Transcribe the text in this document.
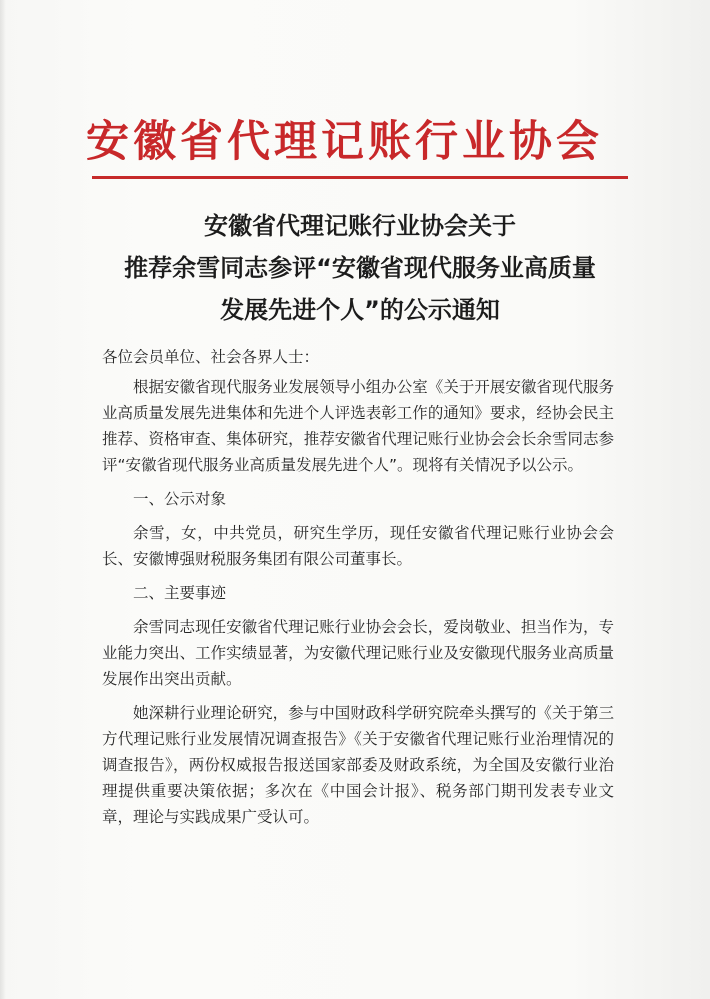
安徽省代理记账行业协会
安徽省代理记账行业协会关于
推荐余雪同志参评“安徽省现代服务业高质量
发展先进个人”的公示通知

各位会员单位、社会各界人士：

根据安徽省现代服务业发展领导小组办公室《关于开展安徽省现代服务业高质量发展先进集体和先进个人评选表彰工作的通知》要求，经协会民主推荐、资格审查、集体研究，推荐安徽省代理记账行业协会会长余雪同志参评“安徽省现代服务业高质量发展先进个人”。现将有关情况予以公示。

一、公示对象

余雪，女，中共党员，研究生学历，现任安徽省代理记账行业协会会长、安徽博强财税服务集团有限公司董事长。

二、主要事迹

余雪同志现任安徽省代理记账行业协会会长，爱岗敬业、担当作为，专业能力突出、工作实绩显著，为安徽代理记账行业及安徽现代服务业高质量发展作出突出贡献。

她深耕行业理论研究，参与中国财政科学研究院牵头撰写的《关于第三方代理记账行业发展情况调查报告》《关于安徽省代理记账行业治理情况的调查报告》，两份权威报告报送国家部委及财政系统，为全国及安徽行业治理提供重要决策依据；多次在《中国会计报》、税务部门期刊发表专业文章，理论与实践成果广受认可。
